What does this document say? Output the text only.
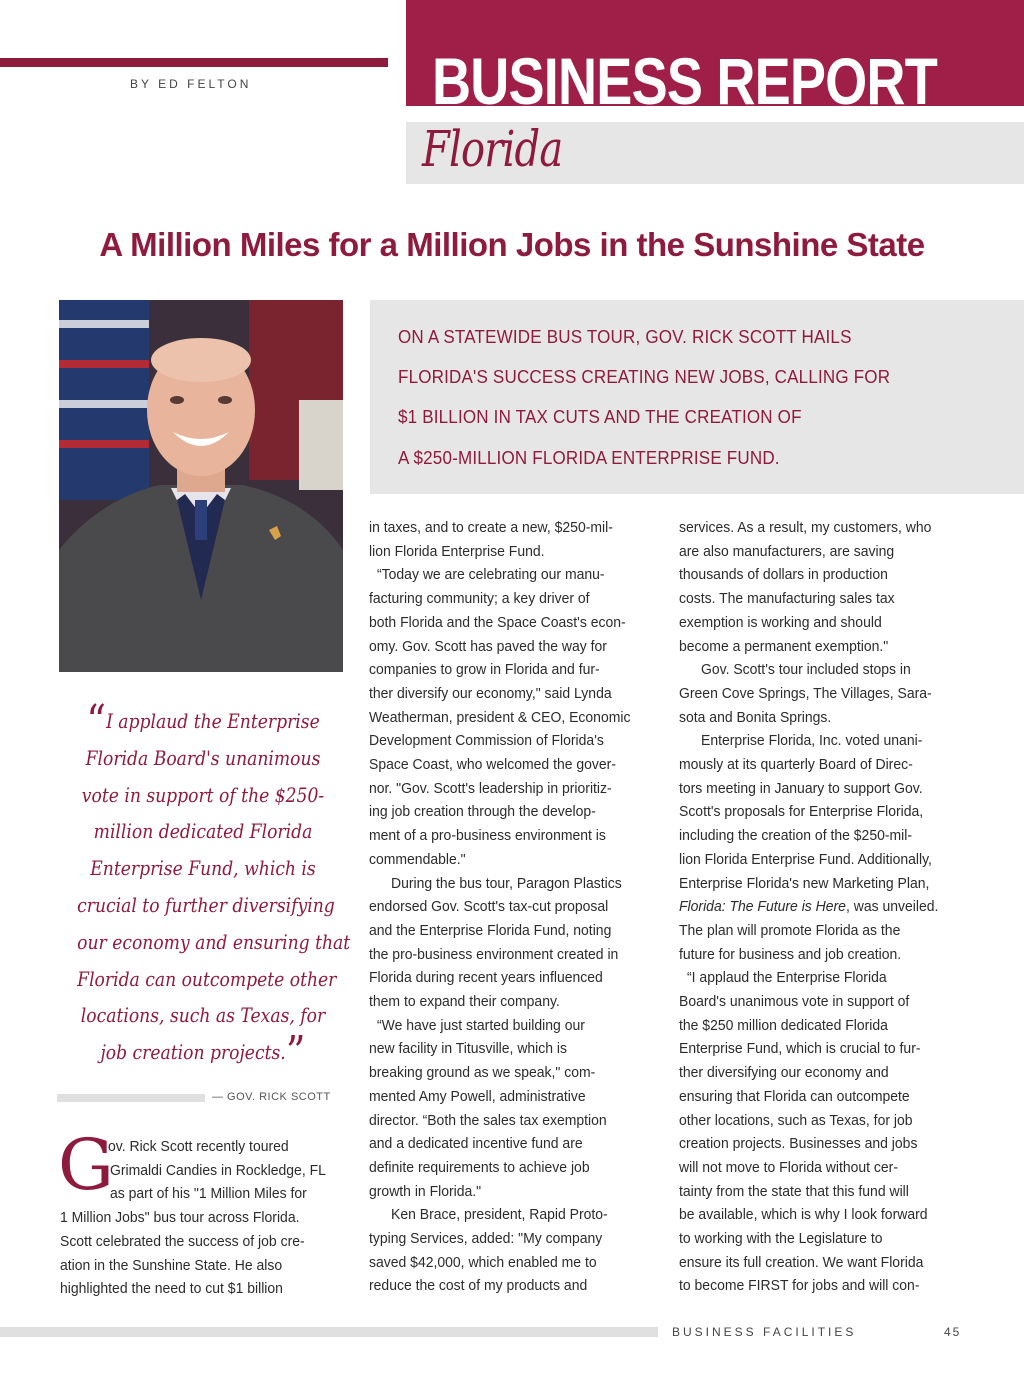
BY ED FELTON	BUSINESS REPORT
Florida
A Million Miles for a Million Jobs in the Sunshine State
ON A STATEWIDE BUS TOUR, GOV. RICK SCOTT HAILS
FLORIDA'S SUCCESS CREATING NEW JOBS, CALLING FOR
$1 BILLION IN TAX CUTS AND THE CREATION OF
A $250-MILLION FLORIDA ENTERPRISE FUND.
“I applaud the Enterprise
Florida Board's unanimous
vote in support of the $250-
million dedicated Florida
Enterprise Fund, which is
crucial to further diversifying
our economy and ensuring that
Florida can outcompete other
locations, such as Texas, for
job creation projects.”
— GOV. RICK SCOTT
G
ov. Rick Scott recently toured
Grimaldi Candies in Rockledge, FL
as part of his "1 Million Miles for
1 Million Jobs" bus tour across Florida.
Scott celebrated the success of job cre-
ation in the Sunshine State. He also
highlighted the need to cut $1 billion
in taxes, and to create a new, $250-mil-
lion Florida Enterprise Fund.
“Today we are celebrating our manu-
facturing community; a key driver of
both Florida and the Space Coast's econ-
omy. Gov. Scott has paved the way for
companies to grow in Florida and fur-
ther diversify our economy," said Lynda
Weatherman, president & CEO, Economic
Development Commission of Florida's
Space Coast, who welcomed the gover-
nor. "Gov. Scott's leadership in prioritiz-
ing job creation through the develop-
ment of a pro-business environment is
commendable."
During the bus tour, Paragon Plastics
endorsed Gov. Scott's tax-cut proposal
and the Enterprise Florida Fund, noting
the pro-business environment created in
Florida during recent years influenced
them to expand their company.
“We have just started building our
new facility in Titusville, which is
breaking ground as we speak," com-
mented Amy Powell, administrative
director. “Both the sales tax exemption
and a dedicated incentive fund are
definite requirements to achieve job
growth in Florida."
Ken Brace, president, Rapid Proto-
typing Services, added: "My company
saved $42,000, which enabled me to
reduce the cost of my products and
services. As a result, my customers, who
are also manufacturers, are saving
thousands of dollars in production
costs. The manufacturing sales tax
exemption is working and should
become a permanent exemption."
Gov. Scott's tour included stops in
Green Cove Springs, The Villages, Sara-
sota and Bonita Springs.
Enterprise Florida, Inc. voted unani-
mously at its quarterly Board of Direc-
tors meeting in January to support Gov.
Scott's proposals for Enterprise Florida,
including the creation of the $250-mil-
lion Florida Enterprise Fund. Additionally,
Enterprise Florida's new Marketing Plan,
Florida: The Future is Here, was unveiled.
The plan will promote Florida as the
future for business and job creation.
“I applaud the Enterprise Florida
Board's unanimous vote in support of
the $250 million dedicated Florida
Enterprise Fund, which is crucial to fur-
ther diversifying our economy and
ensuring that Florida can outcompete
other locations, such as Texas, for job
creation projects. Businesses and jobs
will not move to Florida without cer-
tainty from the state that this fund will
be available, which is why I look forward
to working with the Legislature to
ensure its full creation. We want Florida
to become FIRST for jobs and will con-
BUSINESS FACILITIES	45
